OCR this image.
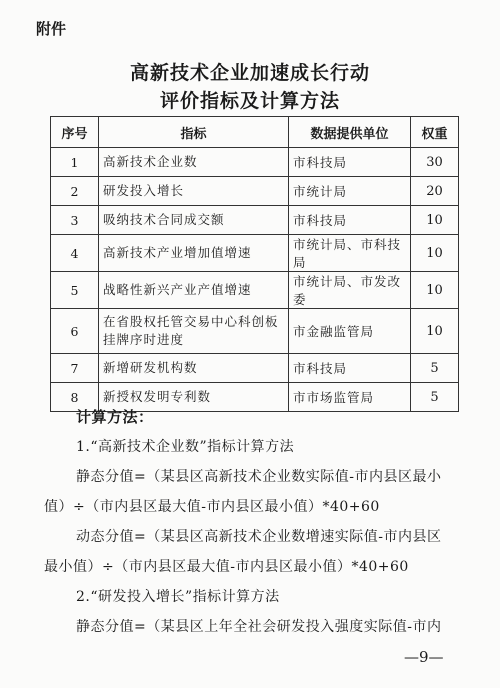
附件
高新技术企业加速成长行动
评价指标及计算方法
序号	指标	数据提供单位	权重
1	高新技术企业数	市科技局	30
2	研发投入增长	市统计局	20
3	吸纳技术合同成交额	市科技局	10
4	高新技术产业增加值增速	市统计局、市科技局	10
5	战略性新兴产业产值增速	市统计局、市发改委	10
6	在省股权托管交易中心科创板挂牌序时进度	市金融监管局	10
7	新增研发机构数	市科技局	5
8	新授权发明专利数	市市场监管局	5
计算方法：
1.“高新技术企业数”指标计算方法
静态分值=（某县区高新技术企业数实际值-市内县区最小
值）÷（市内县区最大值-市内县区最小值）*40+60
动态分值=（某县区高新技术企业数增速实际值-市内县区
最小值）÷（市内县区最大值-市内县区最小值）*40+60
2.“研发投入增长”指标计算方法
静态分值=（某县区上年全社会研发投入强度实际值-市内
—9—
